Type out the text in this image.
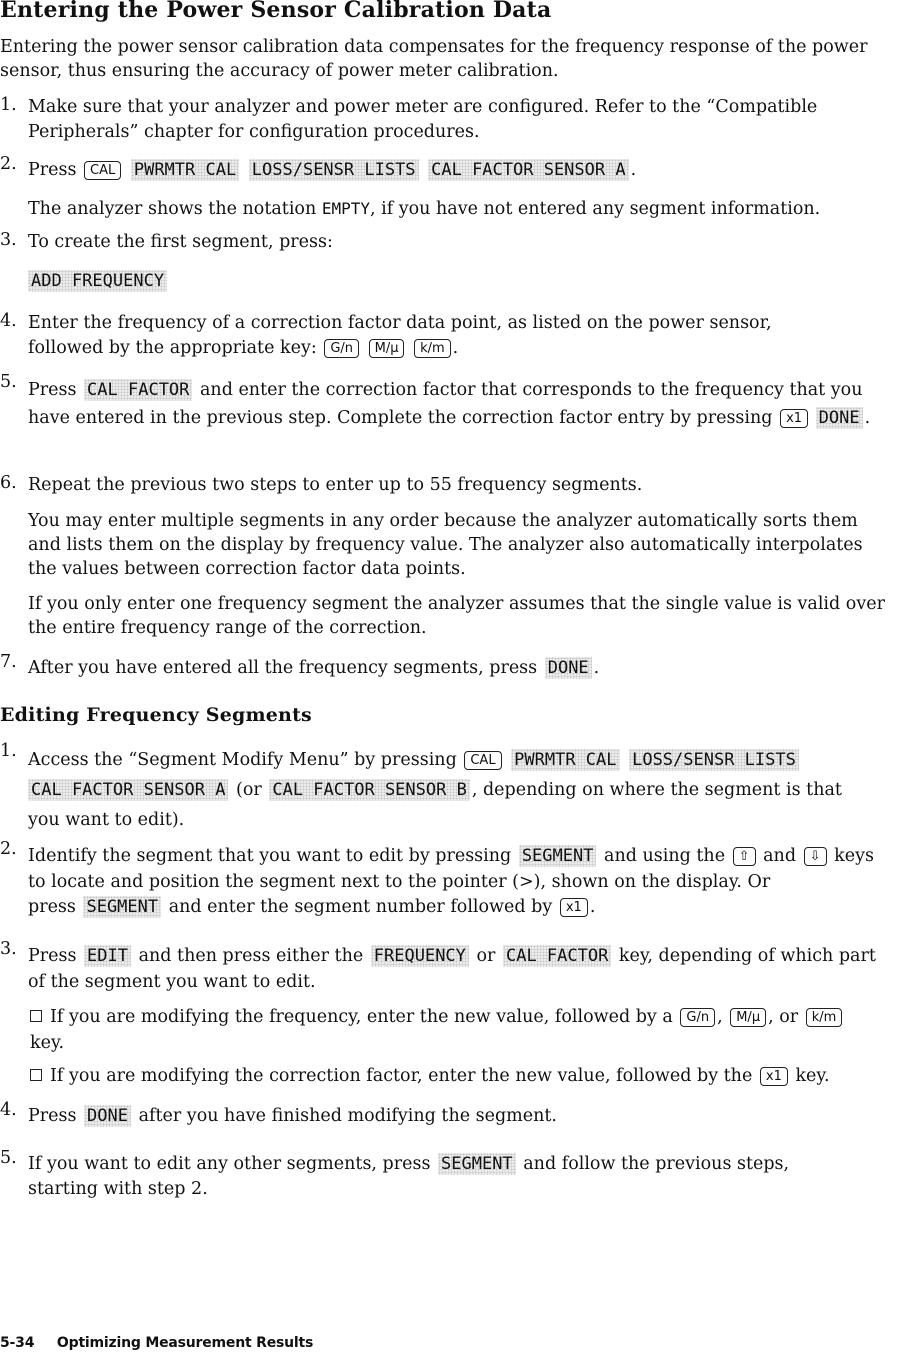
Entering the Power Sensor Calibration Data

Entering the power sensor calibration data compensates for the frequency response of the power sensor, thus ensuring the accuracy of power meter calibration.

1. Make sure that your analyzer and power meter are configured. Refer to the “Compatible Peripherals” chapter for configuration procedures.
2. Press CAL PWRMTR CAL LOSS/SENSR LISTS CAL FACTOR SENSOR A .
The analyzer shows the notation EMPTY, if you have not entered any segment information.
3. To create the first segment, press:
ADD FREQUENCY
4. Enter the frequency of a correction factor data point, as listed on the power sensor, followed by the appropriate key: G/n M/μ k/m .
5. Press CAL FACTOR and enter the correction factor that corresponds to the frequency that you have entered in the previous step. Complete the correction factor entry by pressing x1 DONE .
6. Repeat the previous two steps to enter up to 55 frequency segments.
You may enter multiple segments in any order because the analyzer automatically sorts them and lists them on the display by frequency value. The analyzer also automatically interpolates the values between correction factor data points.
If you only enter one frequency segment the analyzer assumes that the single value is valid over the entire frequency range of the correction.
7. After you have entered all the frequency segments, press DONE .
Editing Frequency Segments
1. Access the “Segment Modify Menu” by pressing CAL PWRMTR CAL LOSS/SENSR LISTS CAL FACTOR SENSOR A (or CAL FACTOR SENSOR B , depending on where the segment is that you want to edit).
2. Identify the segment that you want to edit by pressing SEGMENT and using the ⇧ and ⇩ keys to locate and position the segment next to the pointer (>), shown on the display. Or
press SEGMENT and enter the segment number followed by x1 .
3. Press EDIT and then press either the FREQUENCY or CAL FACTOR key, depending of which part of the segment you want to edit.
If you are modifying the frequency, enter the new value, followed by a G/n , M/μ , or k/m key.
If you are modifying the correction factor, enter the new value, followed by the x1 key.
4. Press DONE after you have finished modifying the segment.
5. If you want to edit any other segments, press SEGMENT and follow the previous steps, starting with step 2.
5-34 Optimizing Measurement Results
